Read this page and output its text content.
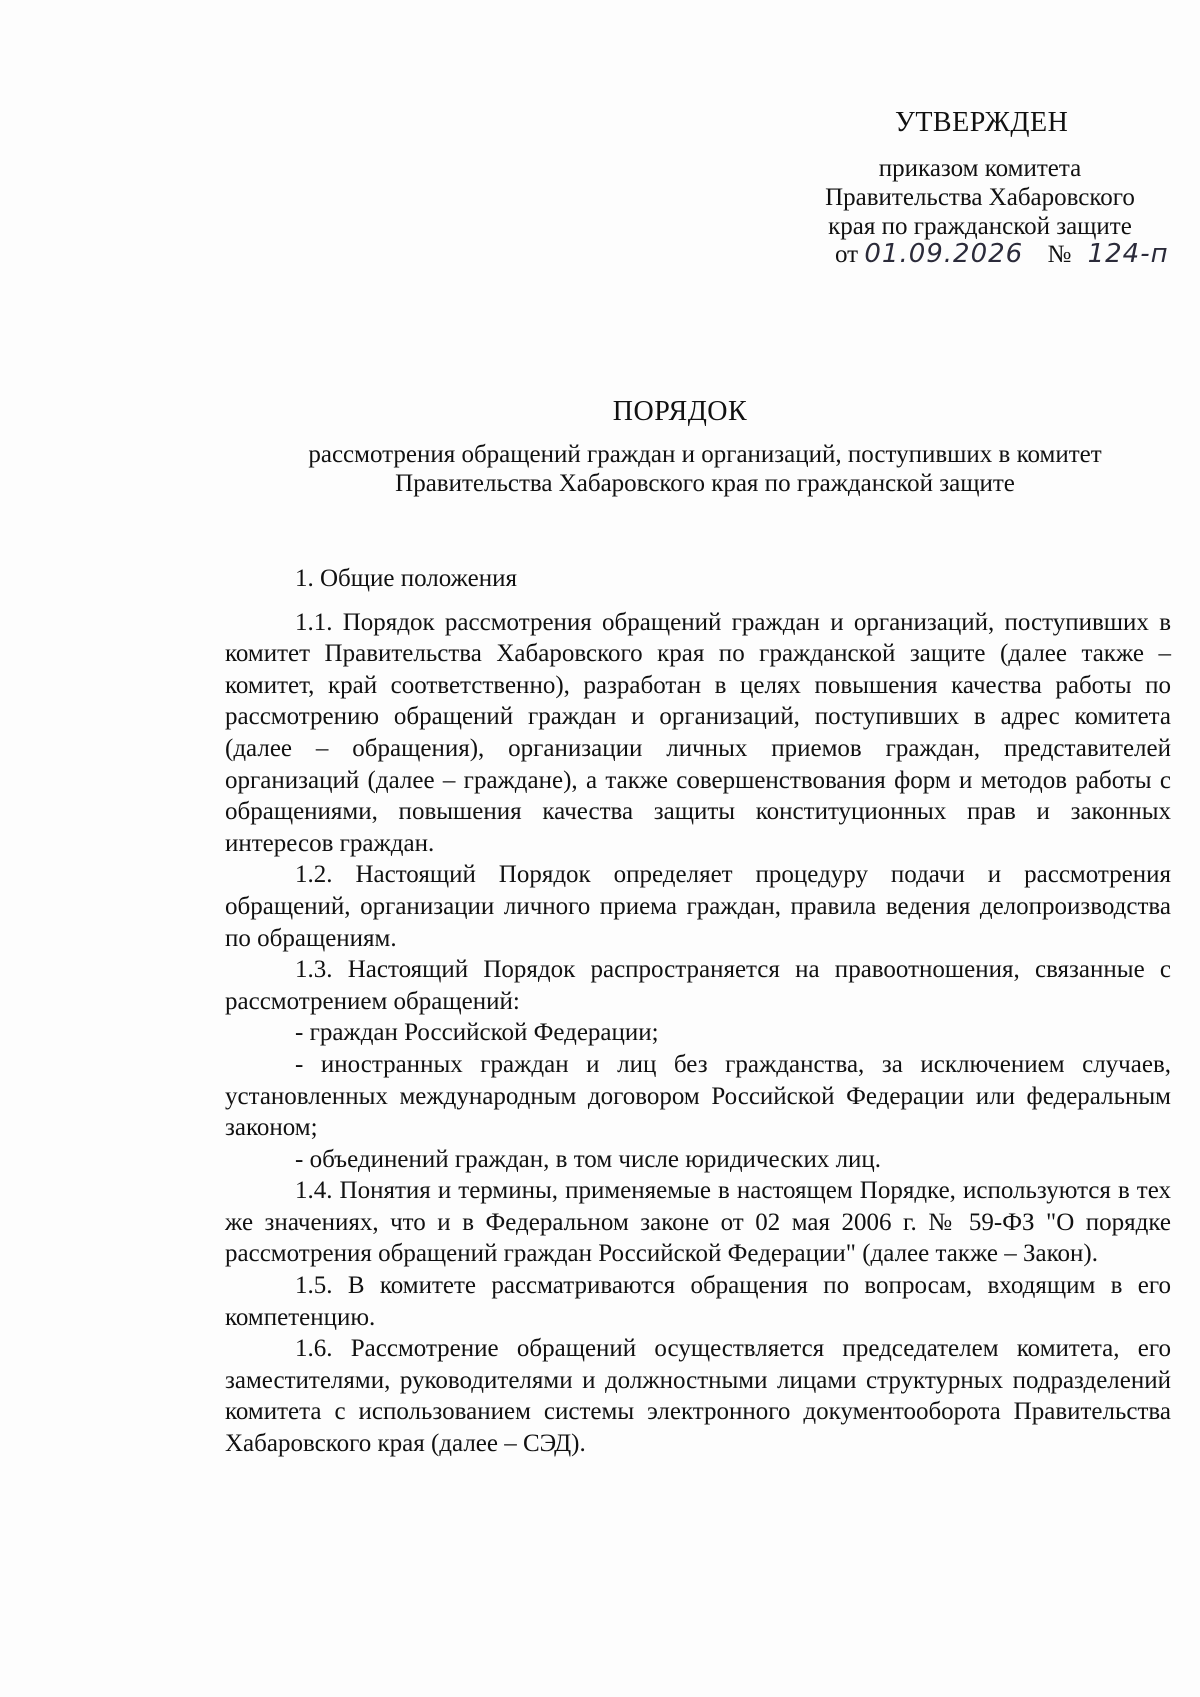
УТВЕРЖДЕН
приказом комитета
Правительства Хабаровского
края по гражданской защите
от 01.09.2026 № 124-п
ПОРЯДОК
рассмотрения обращений граждан и организаций, поступивших в комитет
Правительства Хабаровского края по гражданской защите

1. Общие положения

1.1. Порядок рассмотрения обращений граждан и организаций, поступивших в комитет Правительства Хабаровского края по гражданской защите (далее также – комитет, край соответственно), разработан в целях повышения качества работы по рассмотрению обращений граждан и организаций, поступивших в адрес комитета (далее – обращения), организации личных приемов граждан, представителей организаций (далее – граждане), а также совершенствования форм и методов работы с обращениями, повышения качества защиты конституционных прав и законных интересов граждан.

1.2. Настоящий Порядок определяет процедуру подачи и рассмотрения обращений, организации личного приема граждан, правила ведения делопроизводства по обращениям.

1.3. Настоящий Порядок распространяется на правоотношения, связанные с рассмотрением обращений:

- граждан Российской Федерации;

- иностранных граждан и лиц без гражданства, за исключением случаев, установленных международным договором Российской Федерации или федеральным законом;

- объединений граждан, в том числе юридических лиц.

1.4. Понятия и термины, применяемые в настоящем Порядке, используются в тех же значениях, что и в Федеральном законе от 02 мая 2006 г. № 59-ФЗ "О порядке рассмотрения обращений граждан Российской Федерации" (далее также – Закон).

1.5. В комитете рассматриваются обращения по вопросам, входящим в его компетенцию.

1.6. Рассмотрение обращений осуществляется председателем комитета, его заместителями, руководителями и должностными лицами структурных подразделений комитета с использованием системы электронного документооборота Правительства Хабаровского края (далее – СЭД).
